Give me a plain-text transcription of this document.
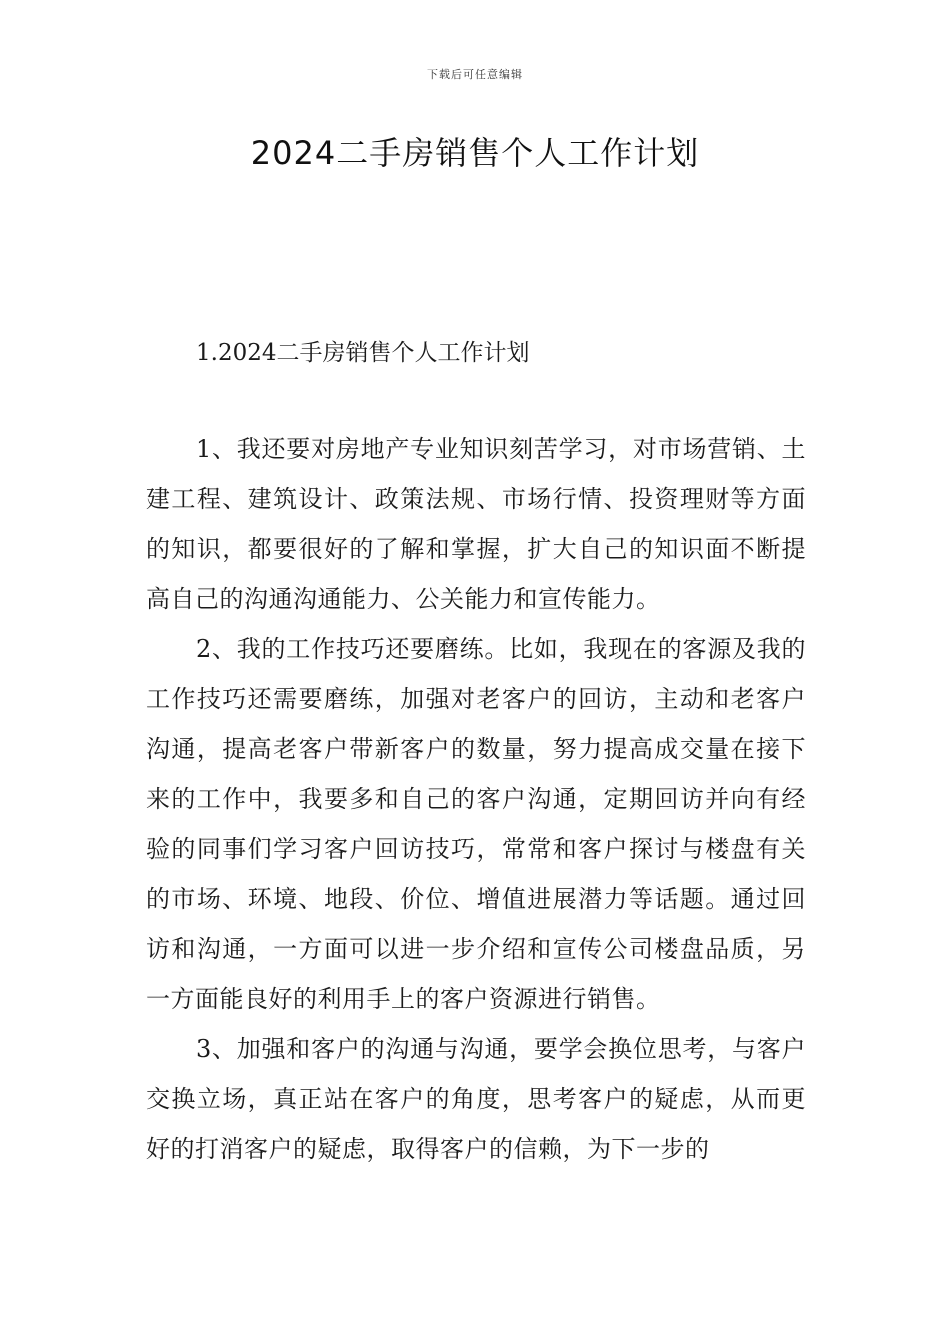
下载后可任意编辑
2024二手房销售个人工作计划
1.2024二手房销售个人工作计划

1、我还要对房地产专业知识刻苦学习，对市场营销、土建工程、建筑设计、政策法规、市场行情、投资理财等方面的知识，都要很好的了解和掌握，扩大自己的知识面不断提高自己的沟通沟通能力、公关能力和宣传能力。

2、我的工作技巧还要磨练。比如，我现在的客源及我的工作技巧还需要磨练，加强对老客户的回访，主动和老客户沟通，提高老客户带新客户的数量，努力提高成交量在接下来的工作中，我要多和自己的客户沟通，定期回访并向有经验的同事们学习客户回访技巧，常常和客户探讨与楼盘有关的市场、环境、地段、价位、增值进展潜力等话题。通过回访和沟通，一方面可以进一步介绍和宣传公司楼盘品质，另一方面能良好的利用手上的客户资源进行销售。

3、加强和客户的沟通与沟通，要学会换位思考，与客户交换立场，真正站在客户的角度，思考客户的疑虑，从而更好的打消客户的疑虑，取得客户的信赖，为下一步的
